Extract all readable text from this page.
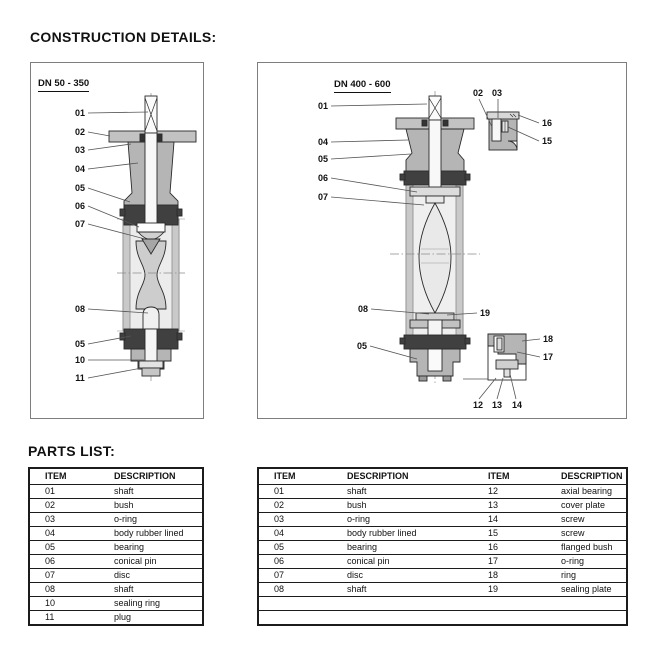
CONSTRUCTION DETAILS:
DN 50 - 350
01
02
03
04
05
06
07
08
05
10
11
DN 400 - 600
01
04
05
06
07
08	19
05
02 03
16
15
18
17
12 13 14
PARTS LIST:
ITEM	DESCRIPTION
01	shaft
02	bush
03	o-ring
04	body rubber lined
05	bearing
06	conical pin
07	disc
08	shaft
10	sealing ring
11	plug
ITEM	DESCRIPTION	ITEM	DESCRIPTION
01	shaft	12	axial bearing
02	bush	13	cover plate
03	o-ring	14	screw
04	body rubber lined	15	screw
05	bearing	16	flanged bush
06	conical pin	17	o-ring
07	disc	18	ring
08	shaft	19	sealing plate
